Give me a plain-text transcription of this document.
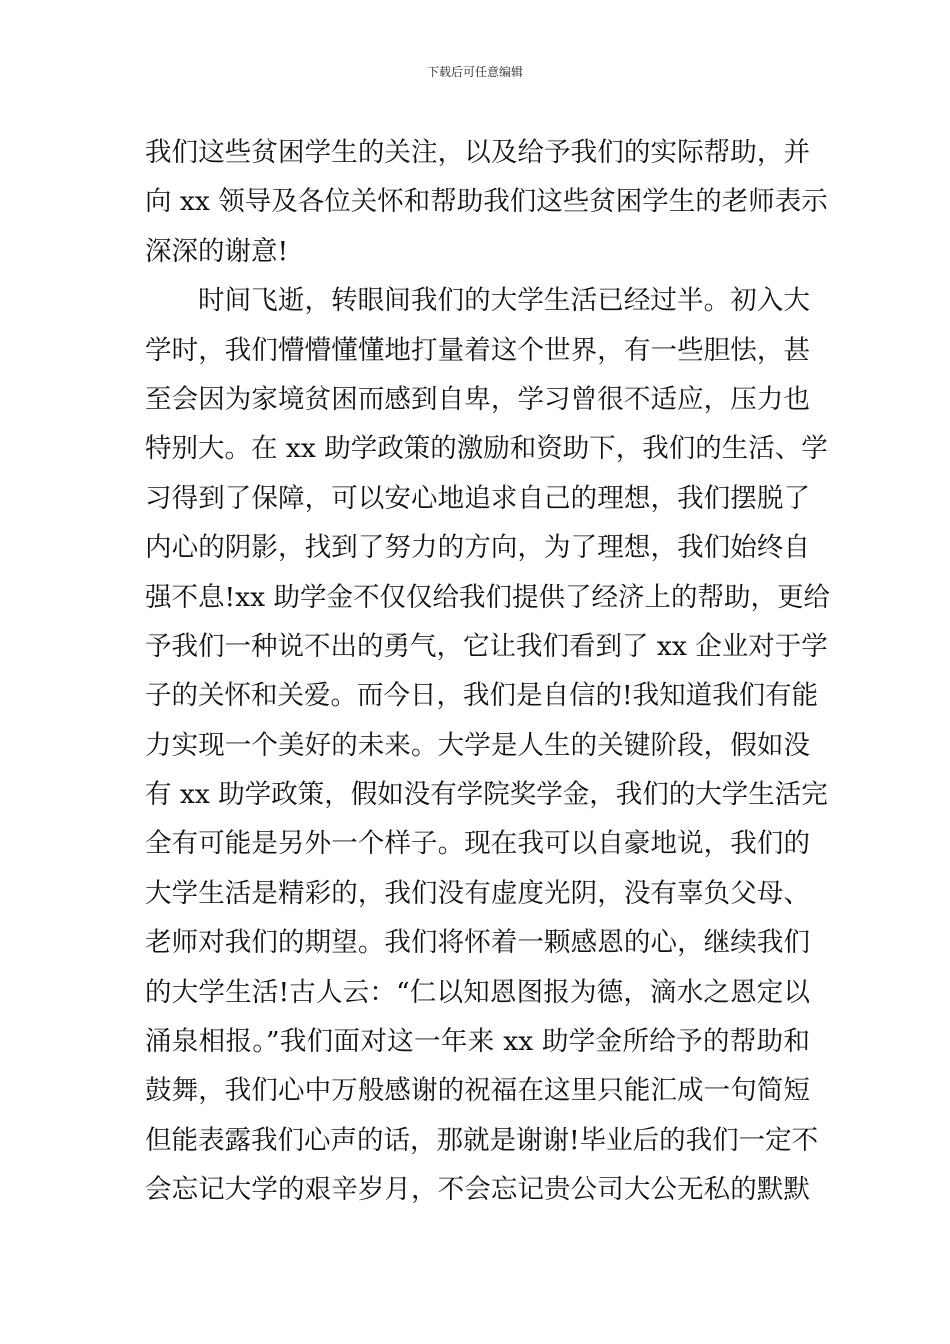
下载后可任意编辑
我们这些贫困学生的关注，以及给予我们的实际帮助，并
向 xx 领导及各位关怀和帮助我们这些贫困学生的老师表示
深深的谢意!
时间飞逝，转眼间我们的大学生活已经过半。初入大
学时，我们懵懵懂懂地打量着这个世界，有一些胆怯，甚
至会因为家境贫困而感到自卑，学习曾很不适应，压力也
特别大。在 xx 助学政策的激励和资助下，我们的生活、学
习得到了保障，可以安心地追求自己的理想，我们摆脱了
内心的阴影，找到了努力的方向，为了理想，我们始终自
强不息!xx 助学金不仅仅给我们提供了经济上的帮助，更给
予我们一种说不出的勇气，它让我们看到了 xx 企业对于学
子的关怀和关爱。而今日，我们是自信的!我知道我们有能
力实现一个美好的未来。大学是人生的关键阶段，假如没
有 xx 助学政策，假如没有学院奖学金，我们的大学生活完
全有可能是另外一个样子。现在我可以自豪地说，我们的
大学生活是精彩的，我们没有虚度光阴，没有辜负父母、
老师对我们的期望。我们将怀着一颗感恩的心，继续我们
的大学生活!古人云：“仁以知恩图报为德，滴水之恩定以
涌泉相报。”我们面对这一年来 xx 助学金所给予的帮助和
鼓舞，我们心中万般感谢的祝福在这里只能汇成一句简短
但能表露我们心声的话，那就是谢谢!毕业后的我们一定不
会忘记大学的艰辛岁月，不会忘记贵公司大公无私的默默
